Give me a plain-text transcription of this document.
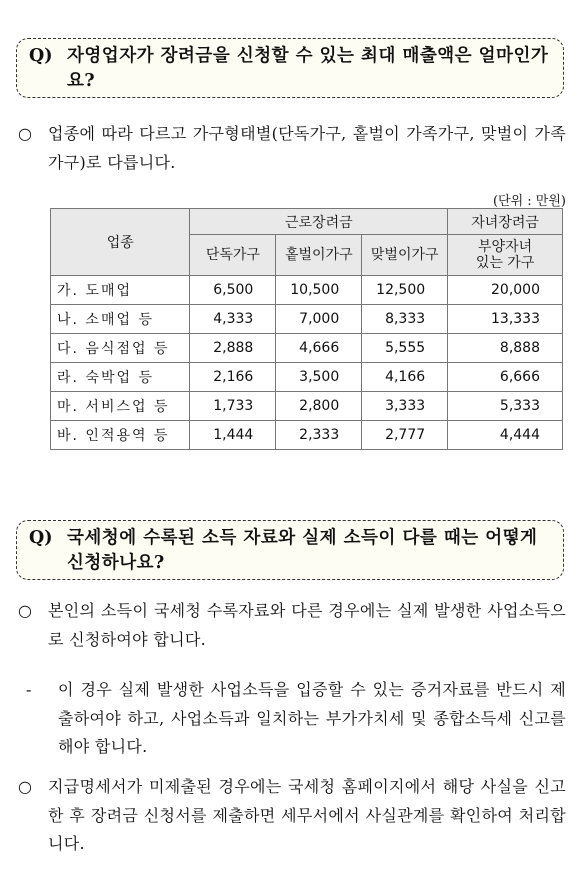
Q) 자영업자가 장려금을 신청할 수 있는 최대 매출액은 얼마인가요?
○ 업종에 따라 다르고 가구형태별(단독가구, 홑벌이 가족가구, 맞벌이 가족가구)로 다릅니다.
(단위 : 만원)
업종	근로장려금			자녀장려금
	단독가구	홑벌이가구	맞벌이가구	부양자녀
있는 가구
가. 도매업	6,500	10,500	12,500	20,000
나. 소매업 등	4,333	7,000	8,333	13,333
다. 음식점업 등	2,888	4,666	5,555	8,888
라. 숙박업 등	2,166	3,500	4,166	6,666
마. 서비스업 등	1,733	2,800	3,333	5,333
바. 인적용역 등	1,444	2,333	2,777	4,444
Q) 국세청에 수록된 소득 자료와 실제 소득이 다를 때는 어떻게 신청하나요?
○ 본인의 소득이 국세청 수록자료와 다른 경우에는 실제 발생한 사업소득으로 신청하여야 합니다.
- 이 경우 실제 발생한 사업소득을 입증할 수 있는 증거자료를 반드시 제출하여야 하고, 사업소득과 일치하는 부가가치세 및 종합소득세 신고를 해야 합니다.
○ 지급명세서가 미제출된 경우에는 국세청 홈페이지에서 해당 사실을 신고한 후 장려금 신청서를 제출하면 세무서에서 사실관계를 확인하여 처리합니다.
